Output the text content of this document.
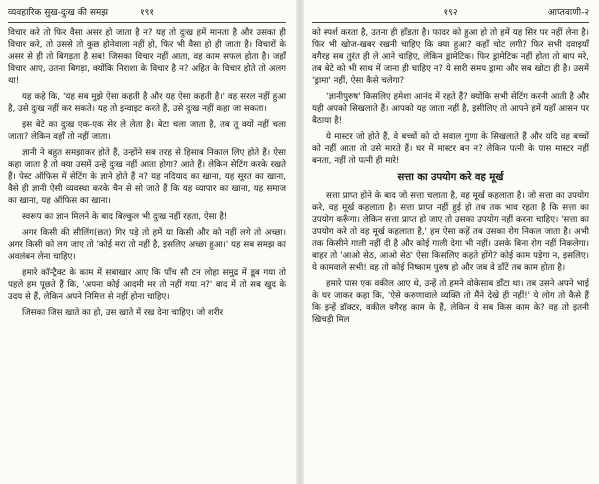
व्यवहारिक सुख-दुःख की समझ	१९१

विचार करे तो फिर वैसा असर हो जाता है न? यह तो दुःख हमें मानता है और उसका ही विचार करे, तो उससे तो कुछ होनेवाला नहीं हो, फिर भी वैसा हो ही जाता है। विचारों के असर से ही तो बिगड़ता है सब! जिसका विचार नहीं आता, वह काम सफल होता है। जहाँ विचार आए, उतना बिगड़ा, क्योंकि निराशा के विचार है न? अहित के विचार होते तो अलग था!

यह कहे कि, 'यह सब मुझे ऐसा कहती है और यह ऐसा कहती है।' वह सरल नहीं हुआ है, उसे दुःख नहीं कर सकते। यह तो इन्वाइट करते हैं, उसे दुःख नहीं कहा जा सकता।

इस बेटे का दुःख एक-एक सेर ले लेता है। बेटा चला जाता है, तब तू क्यों नहीं चला जाता? लेकिन वहाँ तो नहीं जाता।

ज्ञानी ने बहुत समझाकर होते हैं, उन्होंने सब तरह से हिसाब निकाल लिए होते हैं। ऐसा कहा जाता है तो क्या उसमें उन्हें दुःख नहीं आता होगा? आते हैं। लेकिन सेटिंग करके रखते हैं। पेस्ट ऑफिस में सेटिंग के ज्ञाने होते हैं न? यह नदियाद का खाना, यह सूरत का खाना, वैसे ही ज्ञानी ऐसी व्यवस्था करके चैन से सो जाते हैं कि यह व्यापार का खाना, यह समाज का खाना, यह ऑफिस का खाना।

स्वरूप का ज्ञान मिलने के बाद बिल्कुल भी दुःख नहीं रहता, ऐसा है!

अगर किसी की सीलिंग(छत) गिर पड़े तो हमें या किसी और को नहीं लगे तो अच्छा। अगर किसी को लग जाए तो 'कोई मरा तो नहीं है, इसलिए अच्छा हुआ।' यह सब समझ का अवलंबन लेना चाहिए।

हमारे कॉन्ट्रैक्ट के काम में सबाखार आए कि पाँच सौ टन लोहा समुद्र में डूब गया तो पहले हम पूछते हैं कि, 'अपना कोई आदमी मर तो नहीं गया न?' बाद में तो सब खुद के उदय से हैं, लेकिन अपने निमित्त से नहीं होना चाहिए।

जिसका जिस खाते का हो, उस खाते में रख देना चाहिए। जो शरीर

१९२	आप्तवाणी-२

को स्पर्श करता है, उतना ही हाँडता है। फादर को हुआ हो तो हमें यह सिर पर नहीं लेना है। फिर भी खोज-खबर रखनी चाहिए कि क्या हुआ? कहाँ चोट लगी? फिर सभी दवाइयाँ वगैरह सब तुरंत ही ले आने चाहिए, लेकिन ड्रामेटिक। फिर ड्रामेटिक नहीं होता तो बाप मरे, तब बेटे को भी साथ में जाना ही चाहिए न? ये सारी समय ड्रामा और सब खोटा ही है। उसमें 'ड्रामा' नहीं, ऐसा कैसे चलेगा?

'ज्ञानीपुरुष' किसलिए हमेशा आनंद में रहते हैं? क्योंकि सभी सेटिंग करनी आती है और यही अपको सिखलाते हैं। आपको यह जाता नहीं है, इसीलिए तो आपने हमें यहाँ आसन पर बैठाया है!

ये मास्टर जो होते हैं, वे बच्चों को दो सवाल गुणा के सिखलाते हैं और यदि वह बच्चों को नहीं आता तो उसे मारते हैं। घर में मास्टर बन न? लेकिन पत्नी के पास मास्टर नहीं बनता, नहीं तो पत्नी ही मारे!

सत्ता का उपयोग करे वह मूर्ख

सत्ता प्राप्त होने के बाद जो सत्ता चलाता है, वह मूर्ख कहलाता है। जो सत्ता का उपयोग करे, वह मूर्ख कहलाता है। सत्ता प्राप्त नहीं हुई हो तब तक भाव रहता है कि सत्ता का उपयोग करूँगा। लेकिन सत्ता प्राप्त हो जाए तो उसका उपयोग नहीं करना चाहिए। 'सत्ता का उपयोग करे तो वह मूर्ख कहलाता है,' हम ऐसा कहें तब उसका रोग निकल जाता है। अभी तक किसीने गाली नहीं दी है और कोई गाली देगा भी नहीं। उसके बिना रोग नहीं निकलेगा। बाहर तो 'आओ सेठ, आओ सेठ' ऐसा किसलिए कहते होंगे? कोई काम पड़ेगा न, इसलिए। ये कामवाले सभी! वह तो कोई निष्काम पुरुष हो और जब वे डाँटें तब काम होता है।

हमारे पास एक वकील आए थे, उन्हें तो हमने वोकेसाब डाँटा था। तब उसने अपने भाई के घर जाकर कहा कि, 'ऐसे करुणावाले व्यक्ति तो मैंने देखे ही नहीं!' ये लोग तो कैसे हैं कि इन्हें डॉक्टर, वकील वगैरह काम के हैं, लेकिन ये सब किस काम के? वह तो इतनी खिचड़ी मिल
